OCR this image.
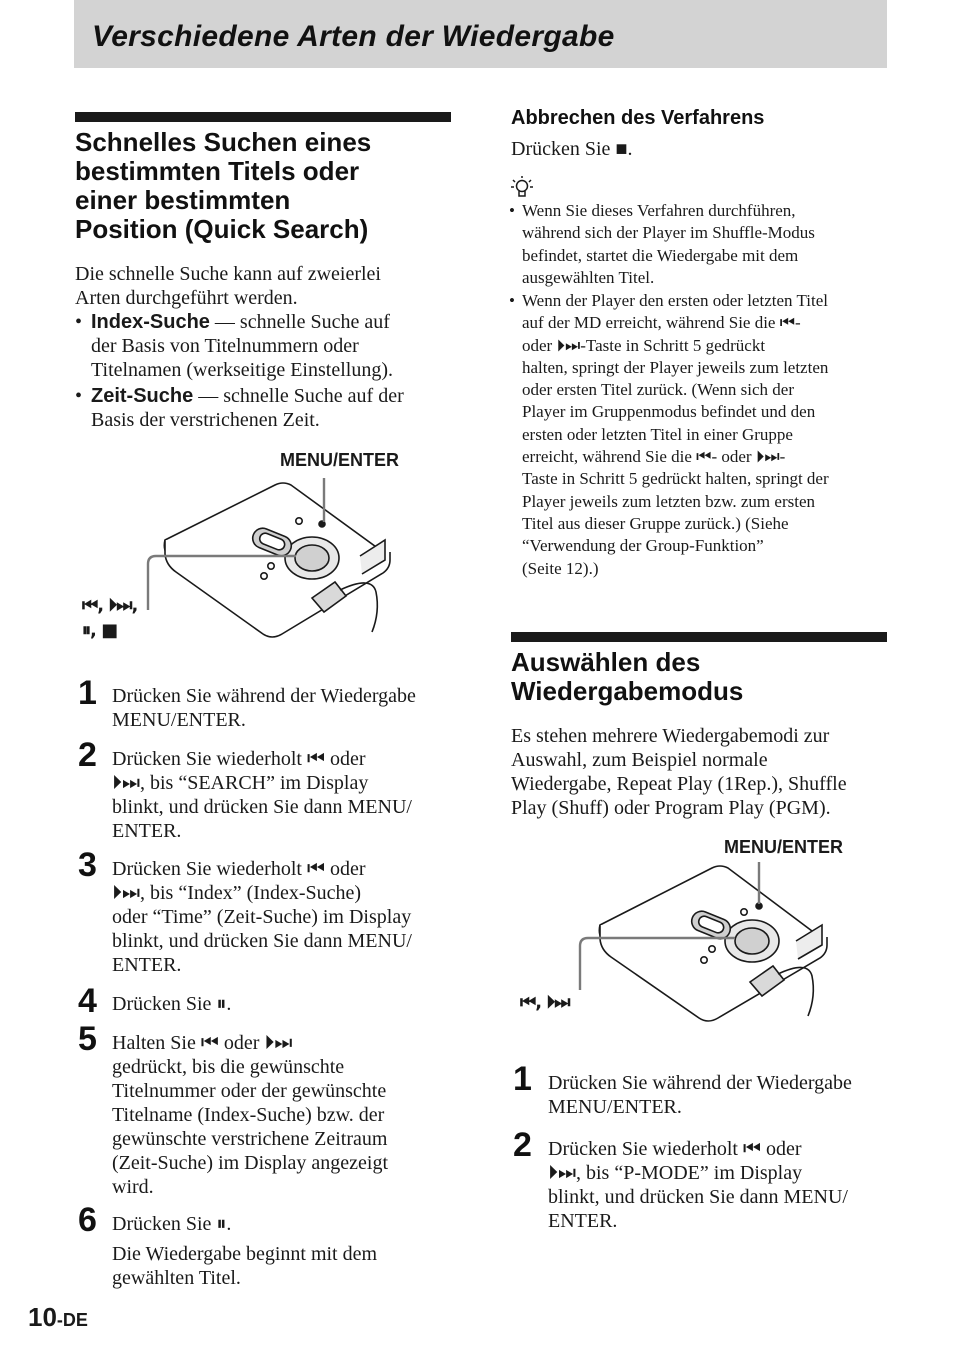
Verschiedene Arten der Wiedergabe
Schnelles Suchen eines
bestimmten Titels oder
einer bestimmten
Position (Quick Search)
Die schnelle Suche kann auf zweierlei
Arten durchgeführt werden.
• Index-Suche — schnelle Suche auf
der Basis von Titelnummern oder
Titelnamen (werkseitige Einstellung).
• Zeit-Suche — schnelle Suche auf der
Basis der verstrichenen Zeit.
MENU/ENTER
⏮, ⏵⏭,
⏸, ■
1 Drücken Sie während der Wiedergabe
MENU/ENTER.
2 Drücken Sie wiederholt ⏮ oder
⏵⏭, bis “SEARCH” im Display
blinkt, und drücken Sie dann MENU/
ENTER.
3 Drücken Sie wiederholt ⏮ oder
⏵⏭, bis “Index” (Index-Suche)
oder “Time” (Zeit-Suche) im Display
blinkt, und drücken Sie dann MENU/
ENTER.
4 Drücken Sie ⏸.
5 Halten Sie ⏮ oder ⏵⏭
gedrückt, bis die gewünschte
Titelnummer oder der gewünschte
Titelname (Index-Suche) bzw. der
gewünschte verstrichene Zeitraum
(Zeit-Suche) im Display angezeigt
wird.
6 Drücken Sie ⏸.
Die Wiedergabe beginnt mit dem
gewählten Titel.
Abbrechen des Verfahrens
Drücken Sie ■.
• Wenn Sie dieses Verfahren durchführen,
während sich der Player im Shuffle-Modus
befindet, startet die Wiedergabe mit dem
ausgewählten Titel.
• Wenn der Player den ersten oder letzten Titel
auf der MD erreicht, während Sie die ⏮-
oder ⏵⏭-Taste in Schritt 5 gedrückt
halten, springt der Player jeweils zum letzten
oder ersten Titel zurück. (Wenn sich der
Player im Gruppenmodus befindet und den
ersten oder letzten Titel in einer Gruppe
erreicht, während Sie die ⏮- oder ⏵⏭-
Taste in Schritt 5 gedrückt halten, springt der
Player jeweils zum letzten bzw. zum ersten
Titel aus dieser Gruppe zurück.) (Siehe
“Verwendung der Group-Funktion”
(Seite 12).)
Auswählen des
Wiedergabemodus
Es stehen mehrere Wiedergabemodi zur
Auswahl, zum Beispiel normale
Wiedergabe, Repeat Play (1Rep.), Shuffle
Play (Shuff) oder Program Play (PGM).
MENU/ENTER
⏮, ⏵⏭
1 Drücken Sie während der Wiedergabe
MENU/ENTER.
2 Drücken Sie wiederholt ⏮ oder
⏵⏭, bis “P-MODE” im Display
blinkt, und drücken Sie dann MENU/
ENTER.
10-DE
